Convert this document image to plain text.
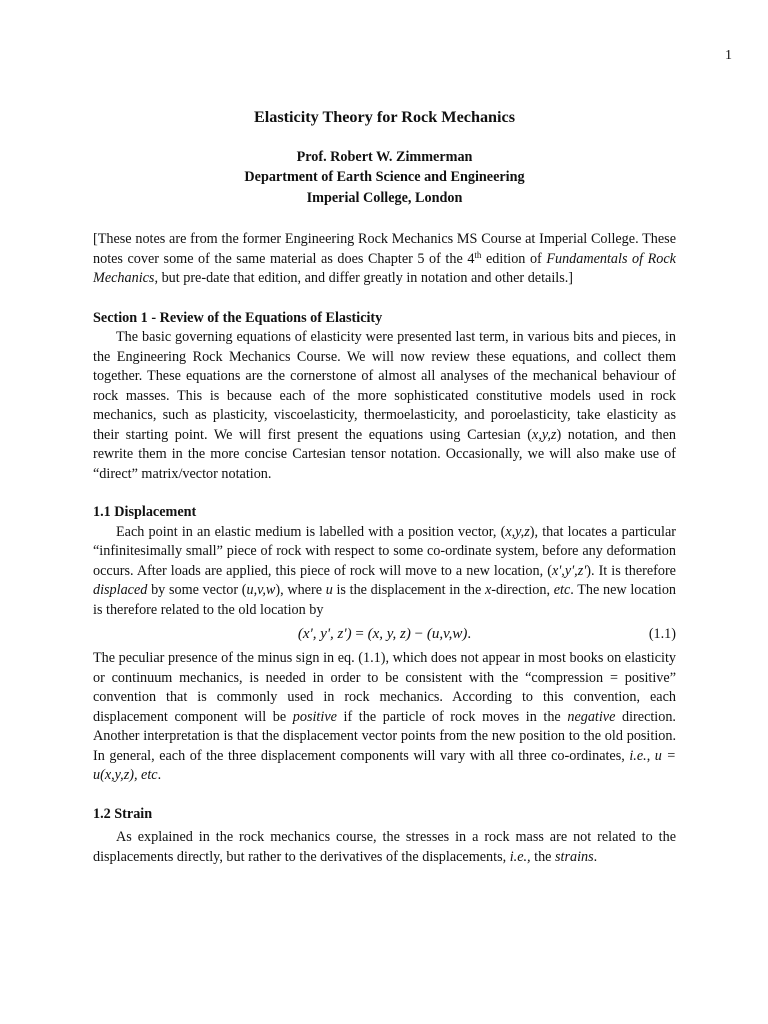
1
Elasticity Theory for Rock Mechanics
Prof. Robert W. Zimmerman
Department of Earth Science and Engineering
Imperial College, London

[These notes are from the former Engineering Rock Mechanics MS Course at Imperial College. These notes cover some of the same material as does Chapter 5 of the 4th edition of Fundamentals of Rock Mechanics, but pre-date that edition, and differ greatly in notation and other details.]

Section 1 - Review of the Equations of Elasticity

The basic governing equations of elasticity were presented last term, in various bits and pieces, in the Engineering Rock Mechanics Course. We will now review these equations, and collect them together. These equations are the cornerstone of almost all analyses of the mechanical behaviour of rock masses. This is because each of the more sophisticated constitutive models used in rock mechanics, such as plasticity, viscoelasticity, thermoelasticity, and poroelasticity, take elasticity as their starting point. We will first present the equations using Cartesian (x,y,z) notation, and then rewrite them in the more concise Cartesian tensor notation. Occasionally, we will also make use of “direct” matrix/vector notation.

1.1 Displacement

Each point in an elastic medium is labelled with a position vector, (x,y,z), that locates a particular “infinitesimally small” piece of rock with respect to some co-ordinate system, before any deformation occurs. After loads are applied, this piece of rock will move to a new location, (x',y',z'). It is therefore displaced by some vector (u,v,w), where u is the displacement in the x-direction, etc. The new location is therefore related to the old location by

(x', y', z') = (x, y, z) − (u,v,w).	(1.1)

The peculiar presence of the minus sign in eq. (1.1), which does not appear in most books on elasticity or continuum mechanics, is needed in order to be consistent with the “compression = positive” convention that is commonly used in rock mechanics. According to this convention, each displacement component will be positive if the particle of rock moves in the negative direction. Another interpretation is that the displacement vector points from the new position to the old position. In general, each of the three displacement components will vary with all three co-ordinates, i.e., u = u(x,y,z), etc.

1.2 Strain

As explained in the rock mechanics course, the stresses in a rock mass are not related to the displacements directly, but rather to the derivatives of the displacements, i.e., the strains.
